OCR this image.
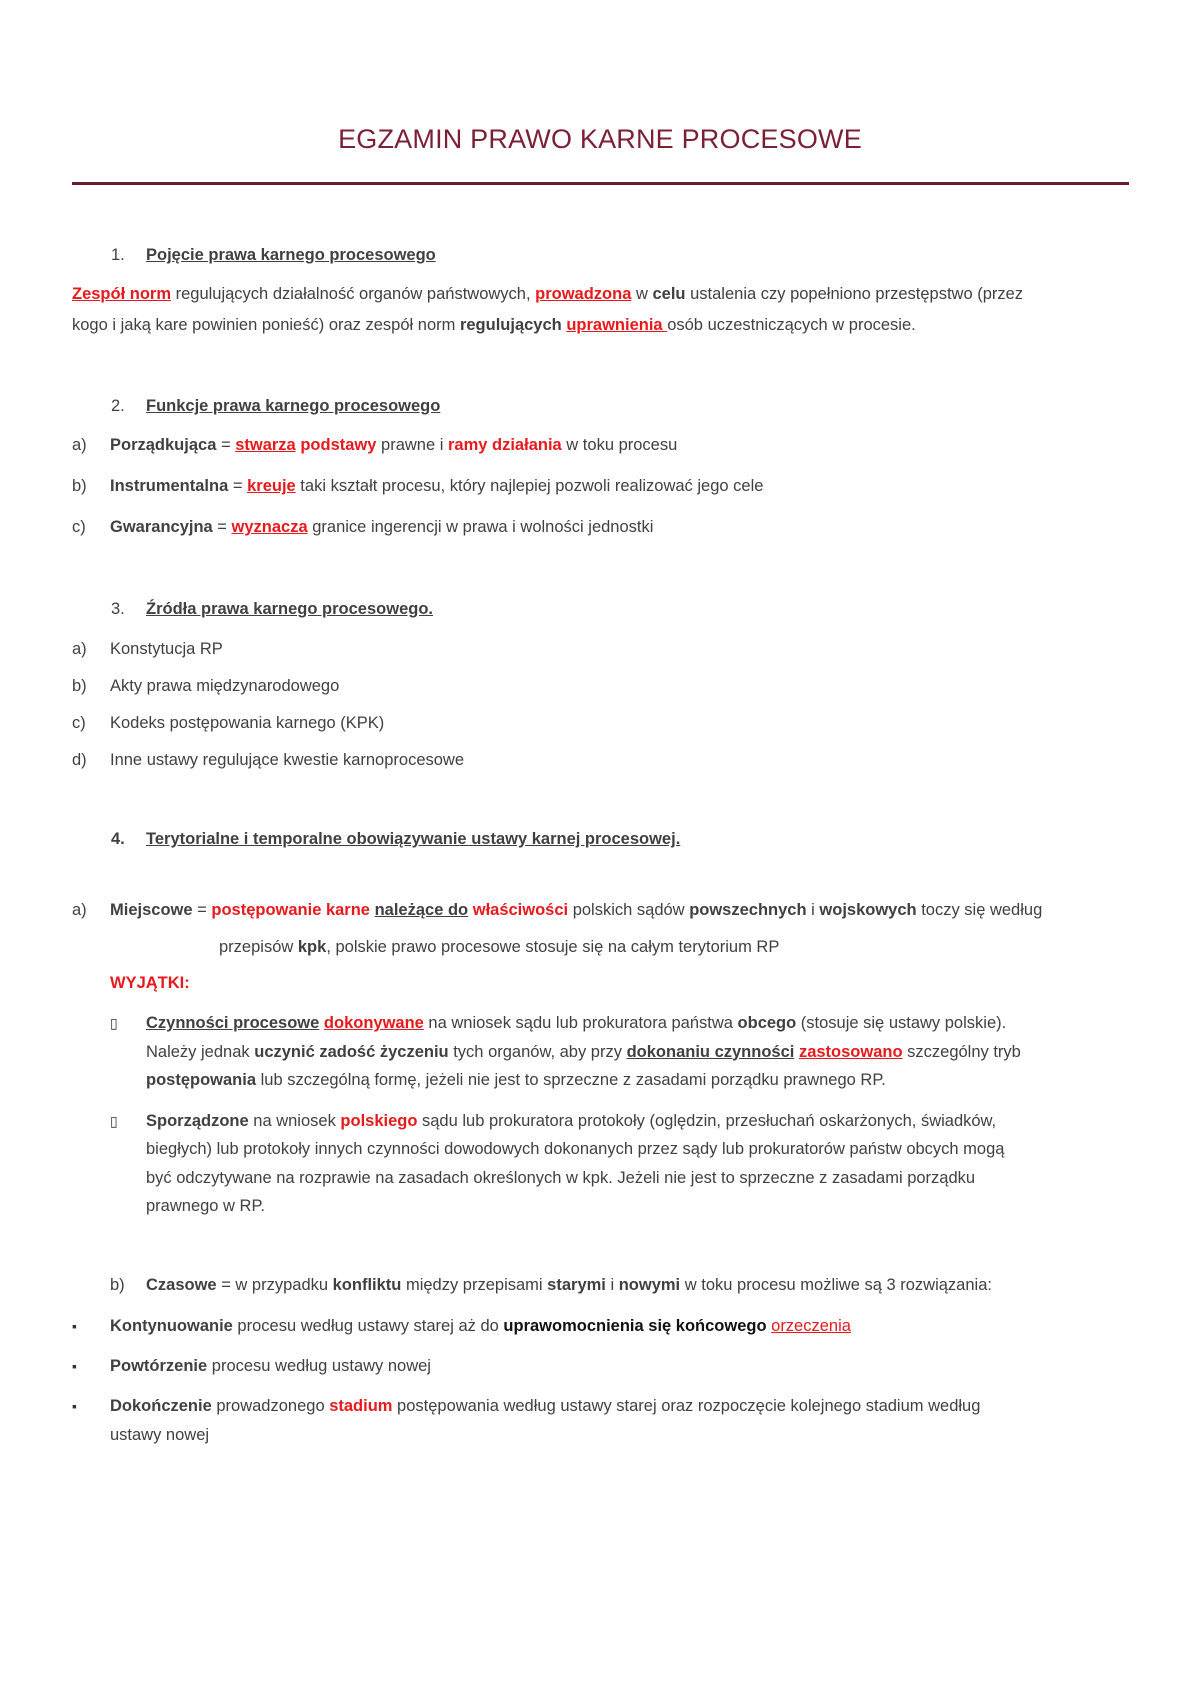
EGZAMIN PRAWO KARNE PROCESOWE
1. Pojęcie prawa karnego procesowego
Zespół norm regulujących działalność organów państwowych, prowadzona w celu ustalenia czy popełniono przestępstwo (przez
kogo i jaką kare powinien ponieść) oraz zespół norm regulujących uprawnienia osób uczestniczących w procesie.
2. Funkcje prawa karnego procesowego
a) Porządkująca = stwarza podstawy prawne i ramy działania w toku procesu
b) Instrumentalna = kreuje taki kształt procesu, który najlepiej pozwoli realizować jego cele
c) Gwarancyjna = wyznacza granice ingerencji w prawa i wolności jednostki
3. Źródła prawa karnego procesowego.
a) Konstytucja RP
b) Akty prawa międzynarodowego
c) Kodeks postępowania karnego (KPK)
d) Inne ustawy regulujące kwestie karnoprocesowe
4. Terytorialne i temporalne obowiązywanie ustawy karnej procesowej.
a) Miejscowe = postępowanie karne należące do właściwości polskich sądów powszechnych i wojskowych toczy się według
przepisów kpk, polskie prawo procesowe stosuje się na całym terytorium RP
WYJĄTKI:
▯ Czynności procesowe dokonywane na wniosek sądu lub prokuratora państwa obcego (stosuje się ustawy polskie).
Należy jednak uczynić zadość życzeniu tych organów, aby przy dokonaniu czynności zastosowano szczególny tryb
postępowania lub szczególną formę, jeżeli nie jest to sprzeczne z zasadami porządku prawnego RP.
▯ Sporządzone na wniosek polskiego sądu lub prokuratora protokoły (oględzin, przesłuchań oskarżonych, świadków,
biegłych) lub protokoły innych czynności dowodowych dokonanych przez sądy lub prokuratorów państw obcych mogą
być odczytywane na rozprawie na zasadach określonych w kpk. Jeżeli nie jest to sprzeczne z zasadami porządku
prawnego w RP.
b) Czasowe = w przypadku konfliktu między przepisami starymi i nowymi w toku procesu możliwe są 3 rozwiązania:
▪ Kontynuowanie procesu według ustawy starej aż do uprawomocnienia się końcowego orzeczenia
▪ Powtórzenie procesu według ustawy nowej
▪ Dokończenie prowadzonego stadium postępowania według ustawy starej oraz rozpoczęcie kolejnego stadium według
ustawy nowej
